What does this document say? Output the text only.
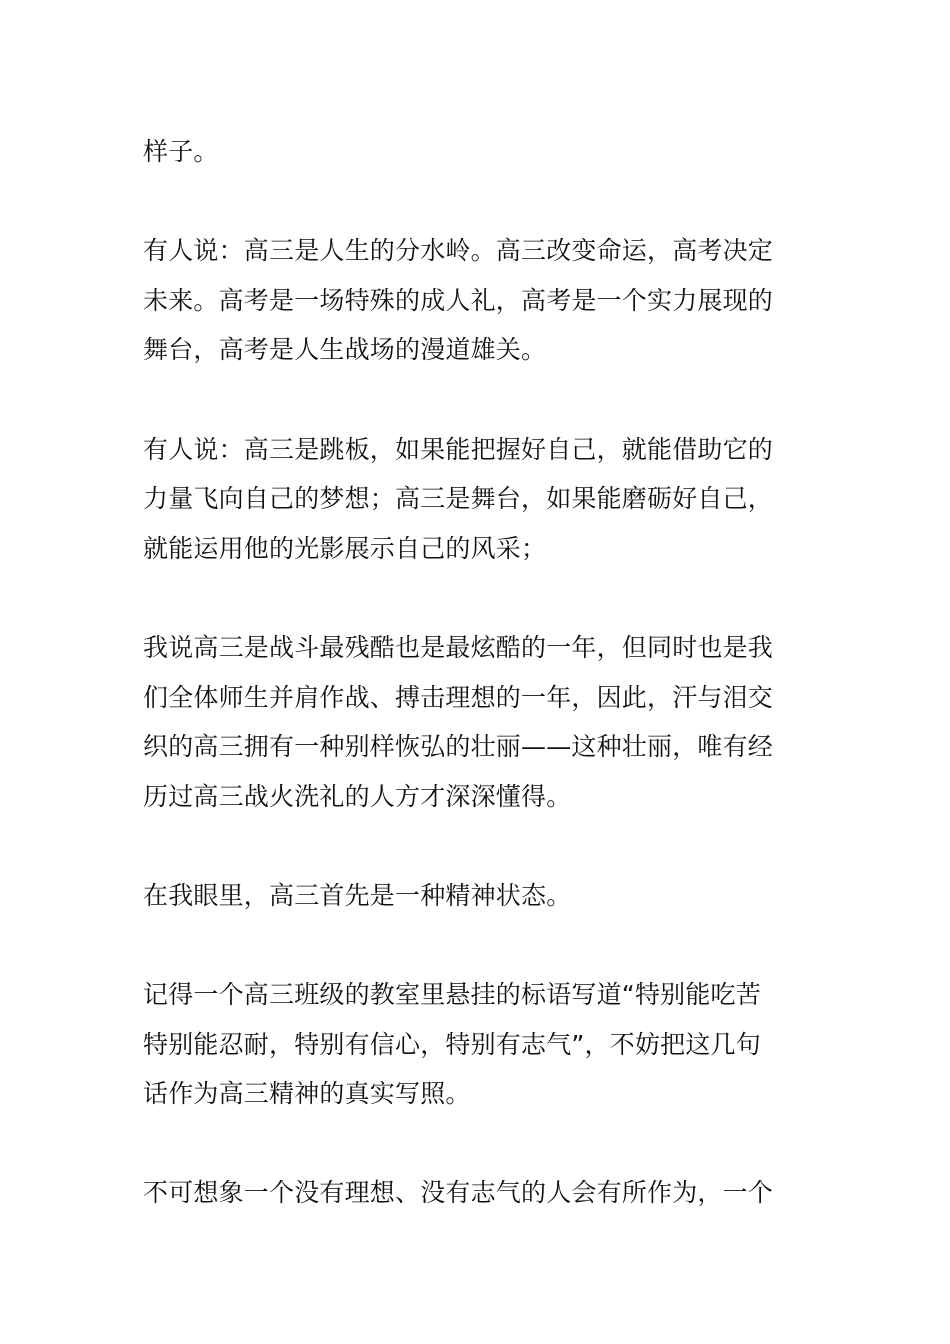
样子。

有人说：高三是人生的分水岭。高三改变命运，高考决定
未来。高考是一场特殊的成人礼，高考是一个实力展现的
舞台，高考是人生战场的漫道雄关。

有人说：高三是跳板，如果能把握好自己，就能借助它的
力量飞向自己的梦想；高三是舞台，如果能磨砺好自己，
就能运用他的光影展示自己的风采；

我说高三是战斗最残酷也是最炫酷的一年，但同时也是我
们全体师生并肩作战、搏击理想的一年，因此，汗与泪交
织的高三拥有一种别样恢弘的壮丽——这种壮丽，唯有经
历过高三战火洗礼的人方才深深懂得。

在我眼里，高三首先是一种精神状态。

记得一个高三班级的教室里悬挂的标语写道“特别能吃苦
特别能忍耐，特别有信心，特别有志气”，不妨把这几句
话作为高三精神的真实写照。

不可想象一个没有理想、没有志气的人会有所作为，一个
